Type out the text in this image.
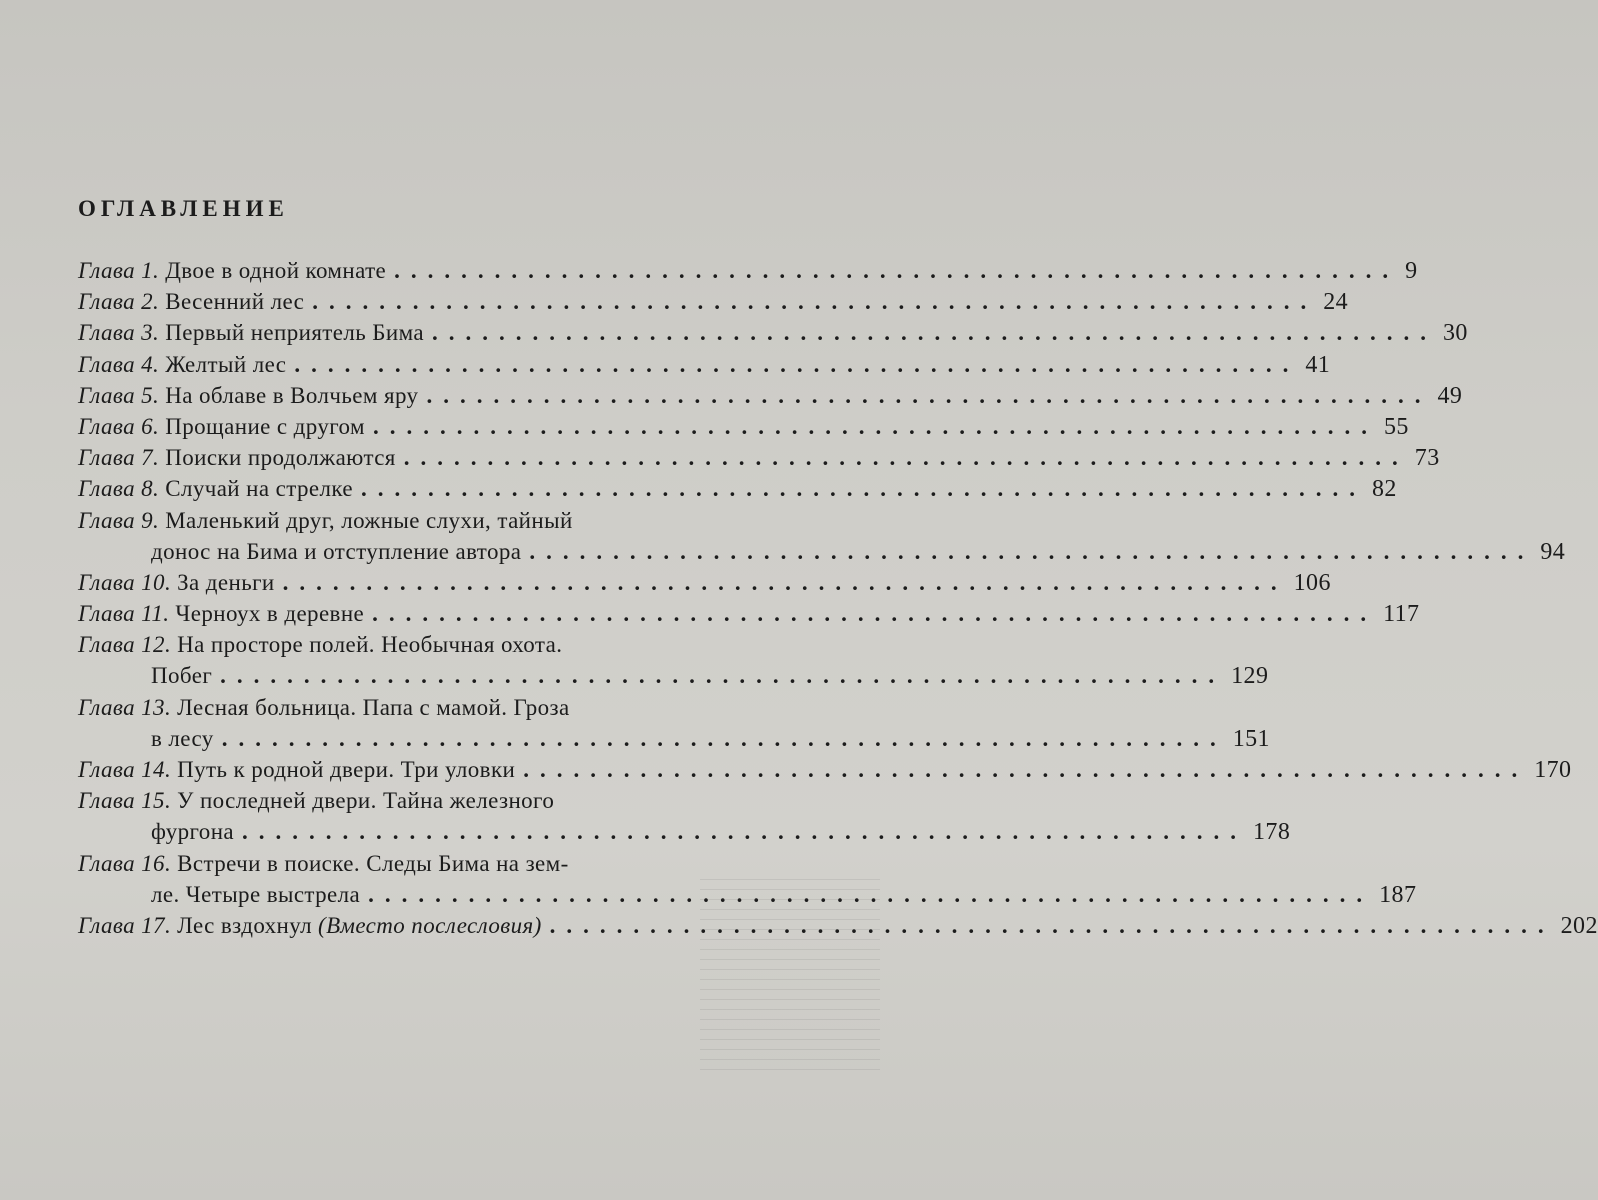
ОГЛАВЛЕНИЕ
Глава 1. Двое в одной комнате ............................................................ 9
Глава 2. Весенний лес ............................................................ 24
Глава 3. Первый неприятель Бима ............................................................ 30
Глава 4. Желтый лес ............................................................ 41
Глава 5. На облаве в Волчьем яру ............................................................ 49
Глава 6. Прощание с другом ............................................................ 55
Глава 7. Поиски продолжаются ............................................................ 73
Глава 8. Случай на стрелке ............................................................ 82
Глава 9. Маленький друг, ложные слухи, тайный
донос на Бима и отступление автора ............................................................ 94
Глава 10. За деньги ............................................................ 106
Глава 11. Черноух в деревне ............................................................ 117
Глава 12. На просторе полей. Необычная охота.
Побег ............................................................ 129
Глава 13. Лесная больница. Папа с мамой. Гроза
в лесу ............................................................ 151
Глава 14. Путь к родной двери. Три уловки ............................................................ 170
Глава 15. У последней двери. Тайна железного
фургона ............................................................ 178
Глава 16. Встречи в поиске. Следы Бима на зем-
ле. Четыре выстрела ............................................................ 187
Глава 17. Лес вздохнул (Вместо послесловия) ............................................................ 202
